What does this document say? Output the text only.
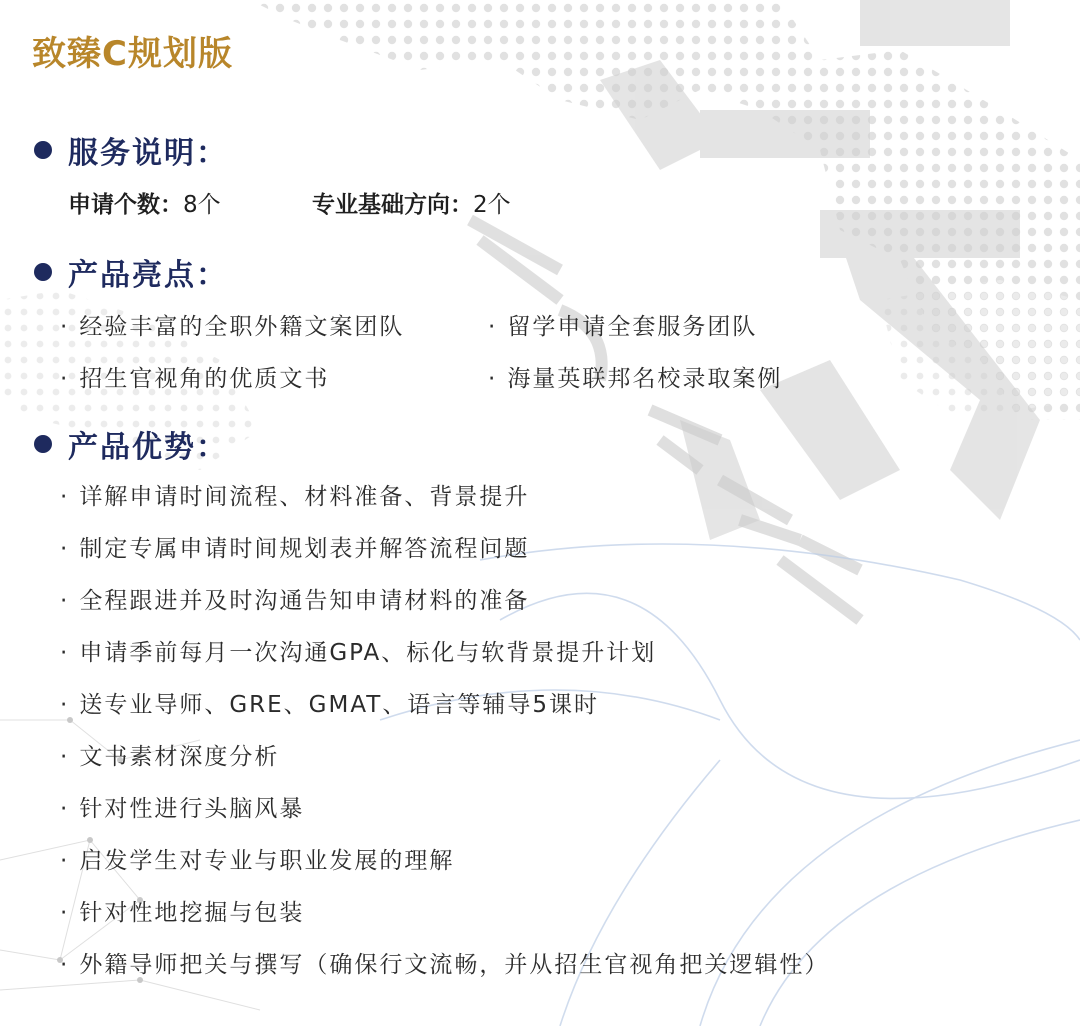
致臻C规划版
服务说明：
申请个数：8个	专业基础方向：2个
产品亮点：
· 经验丰富的全职外籍文案团队	· 留学申请全套服务团队
· 招生官视角的优质文书	· 海量英联邦名校录取案例
产品优势：
· 详解申请时间流程、材料准备、背景提升
· 制定专属申请时间规划表并解答流程问题
· 全程跟进并及时沟通告知申请材料的准备
· 申请季前每月一次沟通GPA、标化与软背景提升计划
· 送专业导师、GRE、GMAT、语言等辅导5课时
· 文书素材深度分析
· 针对性进行头脑风暴
· 启发学生对专业与职业发展的理解
· 针对性地挖掘与包装
· 外籍导师把关与撰写（确保行文流畅，并从招生官视角把关逻辑性）
